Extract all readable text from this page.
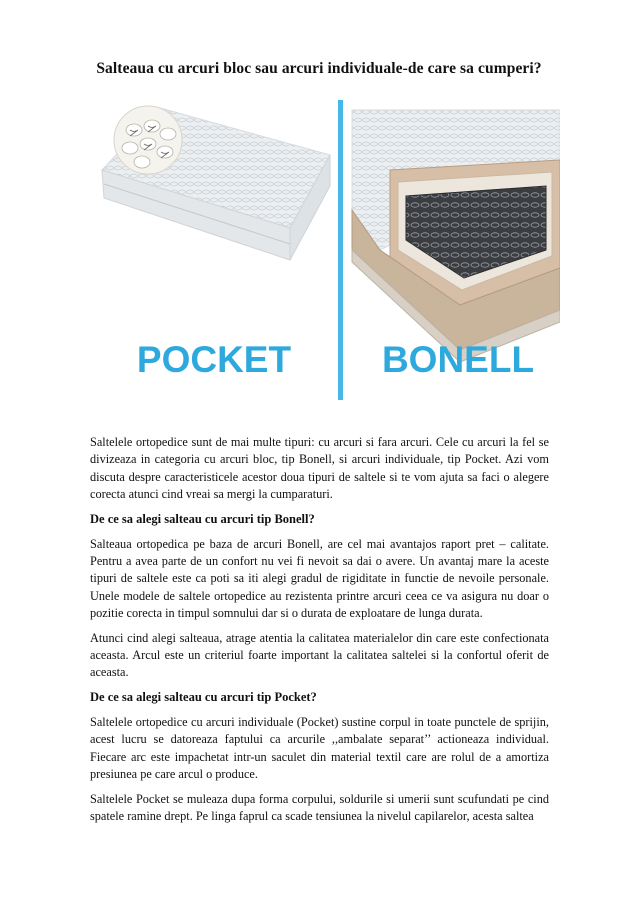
Salteaua cu arcuri bloc sau arcuri individuale-de care sa cumperi?
POCKET BONELL

Saltelele ortopedice sunt de mai multe tipuri: cu arcuri si fara arcuri. Cele cu arcuri la fel se divizeaza in categoria cu arcuri bloc, tip Bonell, si arcuri individuale, tip Pocket. Azi vom discuta despre caracteristicele acestor doua tipuri de saltele si te vom ajuta sa faci o alegere corecta atunci cind vreai sa mergi la cumparaturi.

De ce sa alegi salteau cu arcuri tip Bonell?

Salteaua ortopedica pe baza de arcuri Bonell, are cel mai avantajos raport pret – calitate. Pentru a avea parte de un confort nu vei fi nevoit sa dai o avere. Un avantaj mare la aceste tipuri de saltele este ca poti sa iti alegi gradul de rigiditate in functie de nevoile personale. Unele modele de saltele ortopedice au rezistenta printre arcuri ceea ce va asigura nu doar o pozitie corecta in timpul somnului dar si o durata de exploatare de lunga durata.

Atunci cind alegi salteaua, atrage atentia la calitatea materialelor din care este confectionata aceasta. Arcul este un criteriul foarte important la calitatea saltelei si la confortul oferit de aceasta.

De ce sa alegi salteau cu arcuri tip Pocket?

Saltelele ortopedice cu arcuri individuale (Pocket) sustine corpul in toate punctele de sprijin, acest lucru se datoreaza faptului ca arcurile ,,ambalate separat’’ actioneaza individual. Fiecare arc este impachetat intr-un saculet din material textil care are rolul de a amortiza presiunea pe care arcul o produce.

Saltelele Pocket se muleaza dupa forma corpului, soldurile si umerii sunt scufundati pe cind spatele ramine drept. Pe linga faprul ca scade tensiunea la nivelul capilarelor, acesta saltea
